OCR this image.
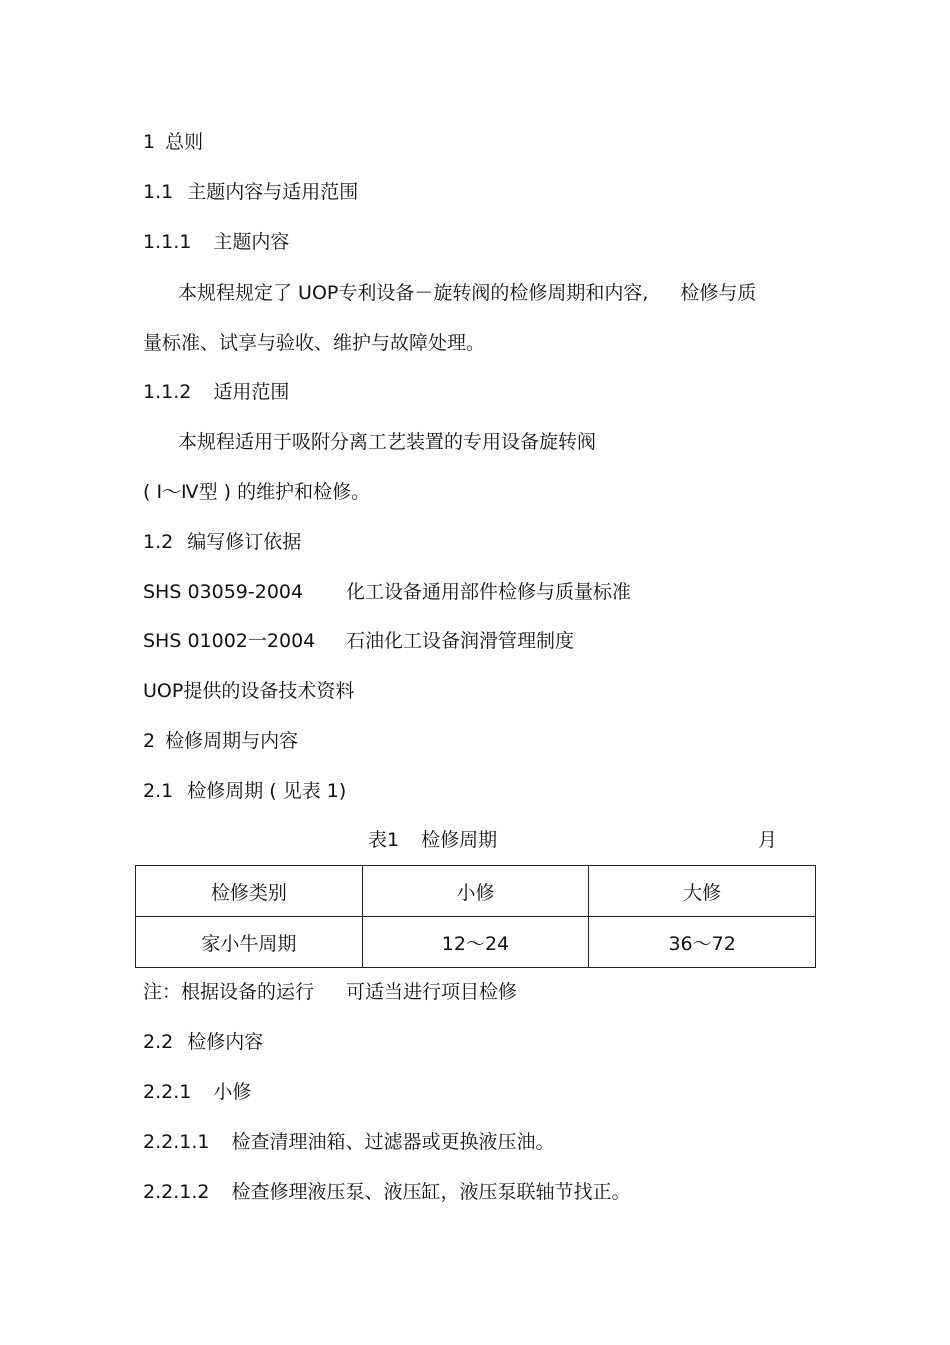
1 总则
1.1 主题内容与适用范围
1.1.1 主题内容
本规程规定了 UOP专利设备－旋转阀的检修周期和内容, 检修与质
量标准、试享与验收、维护与故障处理。
1.1.2 适用范围
本规程适用于吸附分离工艺装置的专用设备旋转阀
( Ⅰ～Ⅳ型 ) 的维护和检修。
1.2 编写修订依据
SHS 03059-2004 化工设备通用部件检修与质量标准
SHS 01002一2004 石油化工设备润滑管理制度
UOP提供的设备技术资料
2 检修周期与内容
2.1 检修周期 ( 见表 1)
表1 检修周期	月
检修类别	小修	大修
家小牛周期	12～24	36～72
注：根据设备的运行 可适当进行项目检修
2.2 检修内容
2.2.1 小修
2.2.1.1 检查清理油箱、过滤器或更换液压油。
2.2.1.2 检查修理液压泵、液压缸，液压泵联轴节找正。
